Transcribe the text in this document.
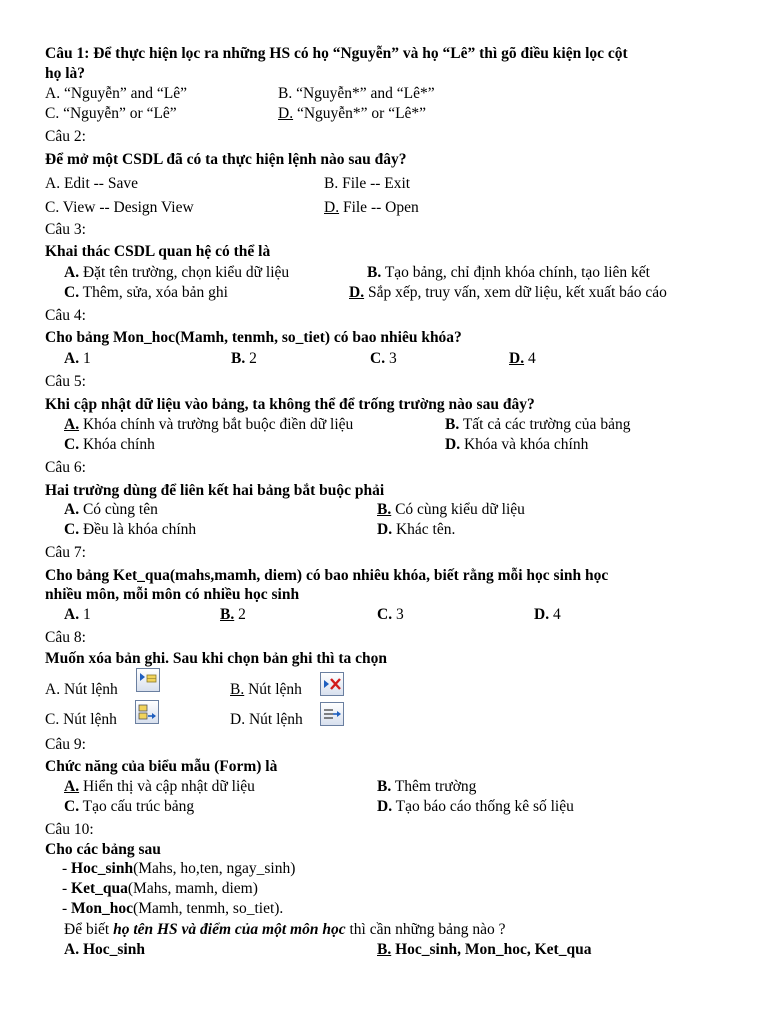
Câu 1: Để thực hiện lọc ra những HS có họ “Nguyễn” và họ “Lê” thì gõ điều kiện lọc cột
họ là?
A. “Nguyễn” and “Lê”	B. “Nguyễn*” and “Lê*”
C. “Nguyễn” or “Lê”	D. “Nguyễn*” or “Lê*”
Câu 2:
Để mở một CSDL đã có ta thực hiện lệnh nào sau đây?
A. Edit -- Save	B. File -- Exit
C. View -- Design View	D. File -- Open
Câu 3:
Khai thác CSDL quan hệ có thể là
A. Đặt tên trường, chọn kiểu dữ liệu	B. Tạo bảng, chỉ định khóa chính, tạo liên kết
C. Thêm, sửa, xóa bản ghi	D. Sắp xếp, truy vấn, xem dữ liệu, kết xuất báo cáo
Câu 4:
Cho bảng Mon_hoc(Mamh, tenmh, so_tiet) có bao nhiêu khóa?
A. 1	B. 2	C. 3	D. 4
Câu 5:
Khi cập nhật dữ liệu vào bảng, ta không thể để trống trường nào sau đây?
A. Khóa chính và trường bắt buộc điền dữ liệu	B. Tất cả các trường của bảng
C. Khóa chính	D. Khóa và khóa chính
Câu 6:
Hai trường dùng để liên kết hai bảng bắt buộc phải
A. Có cùng tên	B. Có cùng kiểu dữ liệu
C. Đều là khóa chính	D. Khác tên.
Câu 7:
Cho bảng Ket_qua(mahs,mamh, diem) có bao nhiêu khóa, biết rằng mỗi học sinh học
nhiều môn, mỗi môn có nhiều học sinh
A. 1	B. 2	C. 3	D. 4
Câu 8:
Muốn xóa bản ghi. Sau khi chọn bản ghi thì ta chọn
A. Nút lệnh	B. Nút lệnh
C. Nút lệnh	D. Nút lệnh
Câu 9:
Chức năng của biểu mẫu (Form) là
A. Hiển thị và cập nhật dữ liệu	B. Thêm trường
C. Tạo cấu trúc bảng	D. Tạo báo cáo thống kê số liệu
Câu 10:
Cho các bảng sau
- Hoc_sinh(Mahs, ho,ten, ngay_sinh)
- Ket_qua(Mahs, mamh, diem)
- Mon_hoc(Mamh, tenmh, so_tiet).
Để biết họ tên HS và điểm của một môn học thì cần những bảng nào ?
A. Hoc_sinh	B. Hoc_sinh, Mon_hoc, Ket_qua
